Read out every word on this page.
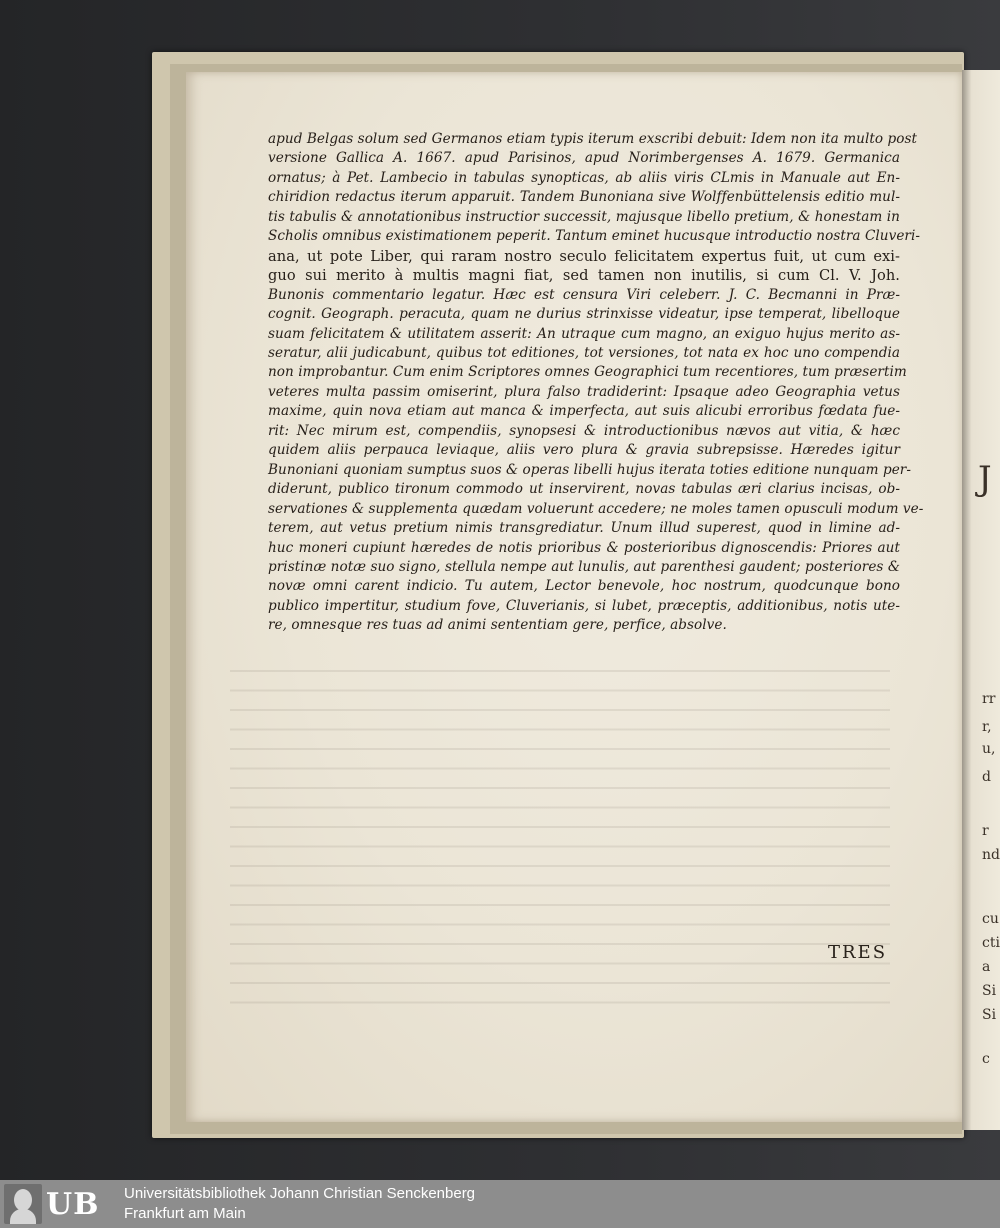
J
rr
r,
u,
d
r
nd
cu
cti
a
Si
Si
c
apud Belgas solum sed Germanos etiam typis iterum exscribi debuit: Idem non ita multo post
versione Gallica A. 1667. apud Parisinos, apud Norimbergenses A. 1679. Germanica
ornatus; à Pet. Lambecio in tabulas synopticas, ab aliis viris CLmis in Manuale aut En-
chiridion redactus iterum apparuit. Tandem Bunoniana sive Wolffenbüttelensis editio mul-
tis tabulis & annotationibus instructior successit, majusque libello pretium, & honestam in
Scholis omnibus existimationem peperit. Tantum eminet hucusque introductio nostra Cluveri-
ana, ut pote Liber, qui raram nostro seculo felicitatem expertus fuit, ut cum exi-
guo sui merito à multis magni fiat, sed tamen non inutilis, si cum Cl. V. Joh.
Bunonis commentario legatur. Hæc est censura Viri celeberr. J. C. Becmanni in Præ-
cognit. Geograph. peracuta, quam ne durius strinxisse videatur, ipse temperat, libelloque
suam felicitatem & utilitatem asserit: An utraque cum magno, an exiguo hujus merito as-
seratur, alii judicabunt, quibus tot editiones, tot versiones, tot nata ex hoc uno compendia
non improbantur. Cum enim Scriptores omnes Geographici tum recentiores, tum præsertim
veteres multa passim omiserint, plura falso tradiderint: Ipsaque adeo Geographia vetus
maxime, quin nova etiam aut manca & imperfecta, aut suis alicubi erroribus fœdata fue-
rit: Nec mirum est, compendiis, synopsesi & introductionibus nævos aut vitia, & hæc
quidem aliis perpauca leviaque, aliis vero plura & gravia subrepsisse. Hæredes igitur
Bunoniani quoniam sumptus suos & operas libelli hujus iterata toties editione nunquam per-
diderunt, publico tironum commodo ut inservirent, novas tabulas æri clarius incisas, ob-
servationes & supplementa quædam voluerunt accedere; ne moles tamen opusculi modum ve-
terem, aut vetus pretium nimis transgrediatur. Unum illud superest, quod in limine ad-
huc moneri cupiunt hæredes de notis prioribus & posterioribus dignoscendis: Priores aut
pristinæ notæ suo signo, stellula nempe aut lunulis, aut parenthesi gaudent; posteriores &
novæ omni carent indicio. Tu autem, Lector benevole, hoc nostrum, quodcunque bono
publico impertitur, studium fove, Cluverianis, si lubet, præceptis, additionibus, notis ute-
re, omnesque res tuas ad animi sententiam gere, perfice, absolve.
TRES
UB Universitätsbibliothek Johann Christian Senckenberg
Frankfurt am Main
